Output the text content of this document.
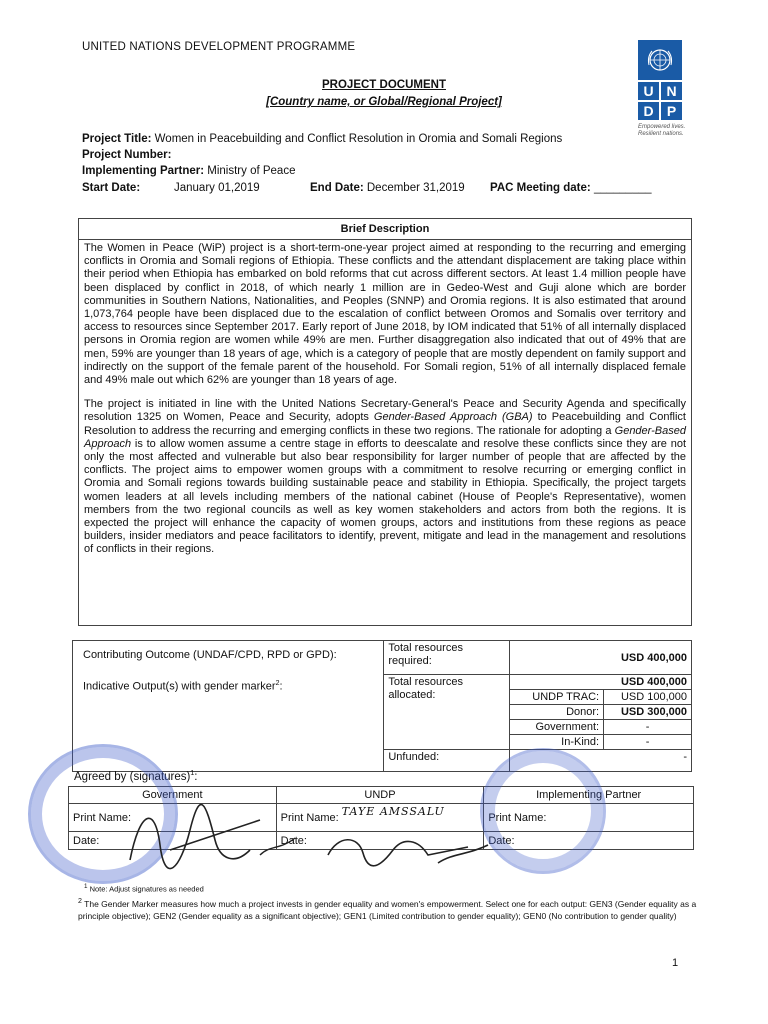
UNITED NATIONS DEVELOPMENT PROGRAMME
U N
D P
Empowered lives.
Resilient nations.
PROJECT DOCUMENT
[Country name, or Global/Regional Project]
Project Title: Women in Peacebuilding and Conflict Resolution in Oromia and Somali Regions
Project Number:
Implementing Partner: Ministry of Peace
Start Date:	January 01,2019	End Date: December 31,2019 PAC Meeting date: _________
Brief Description

The Women in Peace (WiP) project is a short-term-one-year project aimed at responding to the recurring and emerging conflicts in Oromia and Somali regions of Ethiopia. These conflicts and the attendant displacement are taking place within their period when Ethiopia has embarked on bold reforms that cut across different sectors. At least 1.4 million people have been displaced by conflict in 2018, of which nearly 1 million are in Gedeo-West and Guji alone which are border communities in Southern Nations, Nationalities, and Peoples (SNNP) and Oromia regions. It is also estimated that around 1,073,764 people have been displaced due to the escalation of conflict between Oromos and Somalis over territory and access to resources since September 2017. Early report of June 2018, by IOM indicated that 51% of all internally displaced persons in Oromia region are women while 49% are men. Further disaggregation also indicated that out of 49% that are men, 59% are younger than 18 years of age, which is a category of people that are mostly dependent on family support and indirectly on the support of the female parent of the household. For Somali region, 51% of all internally displaced female and 49% male out which 62% are younger than 18 years of age.

The project is initiated in line with the United Nations Secretary-General's Peace and Security Agenda and specifically resolution 1325 on Women, Peace and Security, adopts Gender-Based Approach (GBA) to Peacebuilding and Conflict Resolution to address the recurring and emerging conflicts in these two regions. The rationale for adopting a Gender-Based Approach is to allow women assume a centre stage in efforts to deescalate and resolve these conflicts since they are not only the most affected and vulnerable but also bear responsibility for larger number of people that are affected by the conflicts. The project aims to empower women groups with a commitment to resolve recurring or emerging conflict in Oromia and Somali regions towards building sustainable peace and stability in Ethiopia. Specifically, the project targets women leaders at all levels including members of the national cabinet (House of People's Representative), women members from the two regional councils as well as key women stakeholders and actors from both the regions. It is expected the project will enhance the capacity of women groups, actors and institutions from these regions as peace builders, insider mediators and peace facilitators to identify, prevent, mitigate and lead in the management and resolutions of conflicts in their regions.

Contributing Outcome (UNDAF/CPD, RPD or GPD):
Indicative Output(s) with gender marker$^2$:	Total resources required:	USD 400,000	
	Total resources allocated:	USD 400,000	
		UNDP TRAC:	USD 100,000
		Donor:	USD 300,000
		Government:	-
		In-Kind:	-
	Unfunded:	-	
Agreed by (signatures)$^1$:
Government	UNDP	Implementing Partner
Print Name:	Print Name: TAYE AMSSALU	Print Name:
Date:	Date:	Date:
$^1$ Note: Adjust signatures as needed
$^2$ The Gender Marker measures how much a project invests in gender equality and women's empowerment. Select one for each output: GEN3 (Gender equality as a principle objective); GEN2 (Gender equality as a significant objective); GEN1 (Limited contribution to gender equality); GEN0 (No contribution to gender quality)
1
